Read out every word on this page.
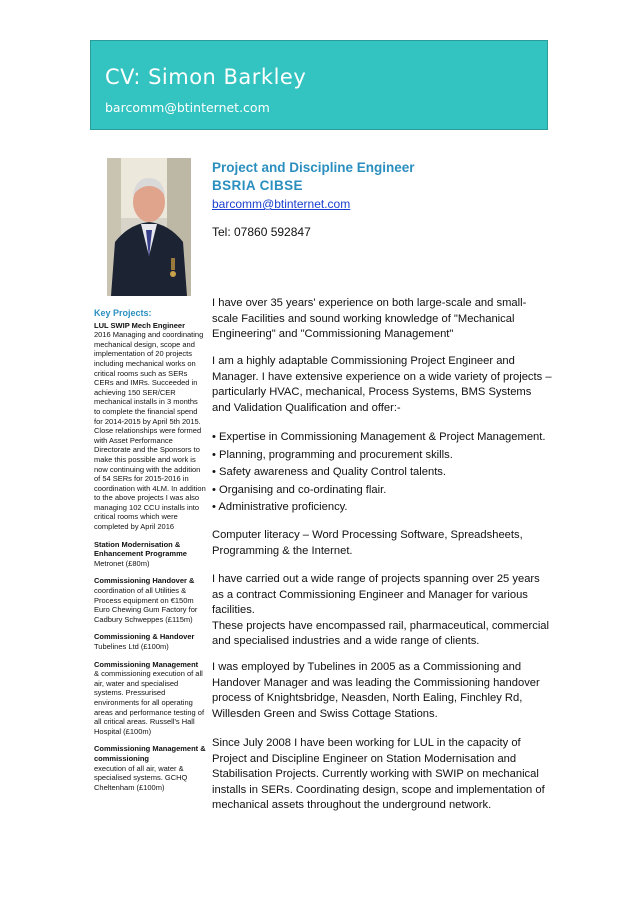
CV: Simon Barkley
barcomm@btinternet.com
Key Projects:
LUL SWIP Mech Engineer
2016 Managing and coordinating mechanical design, scope and implementation of 20 projects including mechanical works on critical rooms such as SERs CERs and IMRs. Succeeded in achieving 150 SER/CER mechanical installs in 3 months to complete the financial spend for 2014-2015 by April 5th 2015. Close relationships were formed with Asset Performance Directorate and the Sponsors to make this possible and work is now continuing with the addition of 54 SERs for 2015-2016 in coordination with 4LM. In addition to the above projects I was also managing 102 CCU installs into critical rooms which were completed by April 2016
Station Modernisation & Enhancement Programme
Metronet (£80m)
Commissioning Handover &
coordination of all Utilities & Process equipment on €150m Euro Chewing Gum Factory for Cadbury Schweppes (£115m)
Commissioning & Handover
Tubelines Ltd (£100m)
Commissioning Management
& commissioning execution of all air, water and specialised systems. Pressurised environments for all operating areas and performance testing of all critical areas. Russell's Hall Hospital (£100m)
Commissioning Management & commissioning
execution of all air, water & specialised systems. GCHQ Cheltenham (£100m)
Project and Discipline Engineer
BSRIA CIBSE
barcomm@btinternet.com
Tel: 07860 592847

I have over 35 years' experience on both large-scale and small-scale Facilities and sound working knowledge of "Mechanical Engineering" and "Commissioning Management"

I am a highly adaptable Commissioning Project Engineer and Manager. I have extensive experience on a wide variety of projects – particularly HVAC, mechanical, Process Systems, BMS Systems and Validation Qualification and offer:-

• Expertise in Commissioning Management & Project Management.
• Planning, programming and procurement skills.
• Safety awareness and Quality Control talents.
• Organising and co-ordinating flair.
• Administrative proficiency.

Computer literacy – Word Processing Software, Spreadsheets, Programming & the Internet.

I have carried out a wide range of projects spanning over 25 years as a contract Commissioning Engineer and Manager for various facilities.

These projects have encompassed rail, pharmaceutical, commercial and specialised industries and a wide range of clients.

I was employed by Tubelines in 2005 as a Commissioning and Handover Manager and was leading the Commissioning handover process of Knightsbridge, Neasden, North Ealing, Finchley Rd, Willesden Green and Swiss Cottage Stations.

Since July 2008 I have been working for LUL in the capacity of Project and Discipline Engineer on Station Modernisation and Stabilisation Projects. Currently working with SWIP on mechanical installs in SERs. Coordinating design, scope and implementation of mechanical assets throughout the underground network.
